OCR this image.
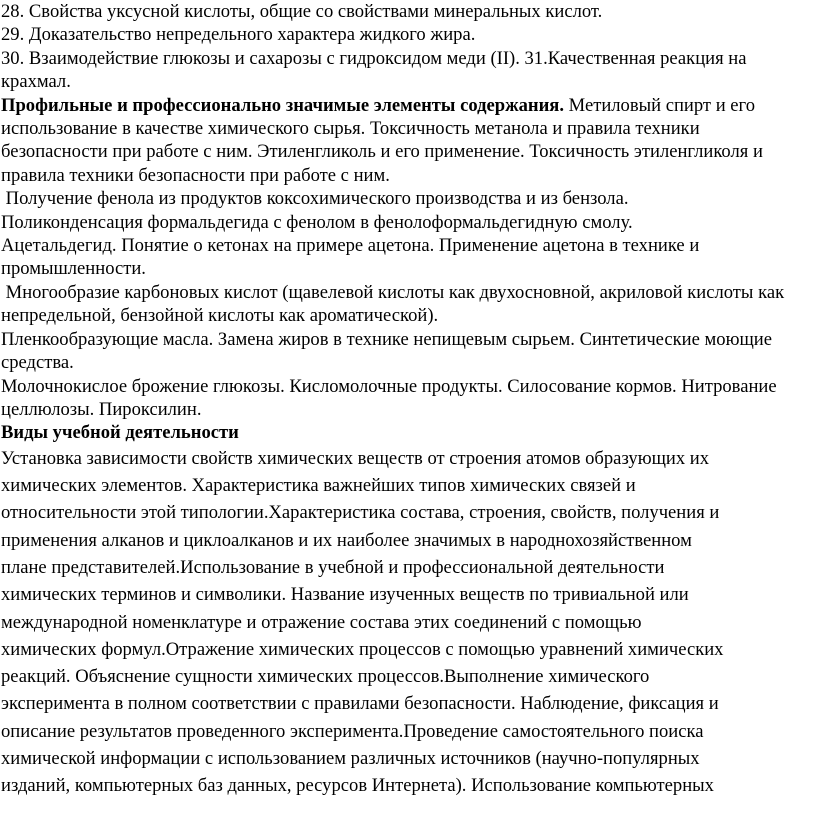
28. Свойства уксусной кислоты, общие со свойствами минеральных кислот.

29. Доказательство непредельного характера жидкого жира.

30. Взаимодействие глюкозы и сахарозы с гидроксидом меди (II). 31.Качественная реакция на крахмал.

Профильные и профессионально значимые элементы содержания. Метиловый спирт и его использование в качестве химического сырья. Токсичность метанола и правила техники безопасности при работе с ним. Этиленгликоль и его применение. Токсичность этиленгликоля и правила техники безопасности при работе с ним.

Получение фенола из продуктов коксохимического производства и из бензола. Поликонденсация формальдегида с фенолом в фенолоформальдегидную смолу.

Ацетальдегид. Понятие о кетонах на примере ацетона. Применение ацетона в технике и промышленности.

Многообразие карбоновых кислот (щавелевой кислоты как двухосновной, акриловой кислоты как непредельной, бензойной кислоты как ароматической).

Пленкообразующие масла. Замена жиров в технике непищевым сырьем. Синтетические моющие средства.

Молочнокислое брожение глюкозы. Кисломолочные продукты. Силосование кормов. Нитрование целлюлозы. Пироксилин.

Виды учебной деятельности

Установка зависимости свойств химических веществ от строения атомов образующих их

химических элементов. Характеристика важнейших типов химических связей и

относительности этой типологии.Характеристика состава, строения, свойств, получения и

применения алканов и циклоалканов и их наиболее значимых в народнохозяйственном

плане представителей.Использование в учебной и профессиональной деятельности

химических терминов и символики. Название изученных веществ по тривиальной или

международной номенклатуре и отражение состава этих соединений с помощью

химических формул.Отражение химических процессов с помощью уравнений химических

реакций. Объяснение сущности химических процессов.Выполнение химического

эксперимента в полном соответствии с правилами безопасности. Наблюдение, фиксация и

описание результатов проведенного эксперимента.Проведение самостоятельного поиска

химической информации с использованием различных источников (научно-популярных

изданий, компьютерных баз данных, ресурсов Интернета). Использование компьютерных
